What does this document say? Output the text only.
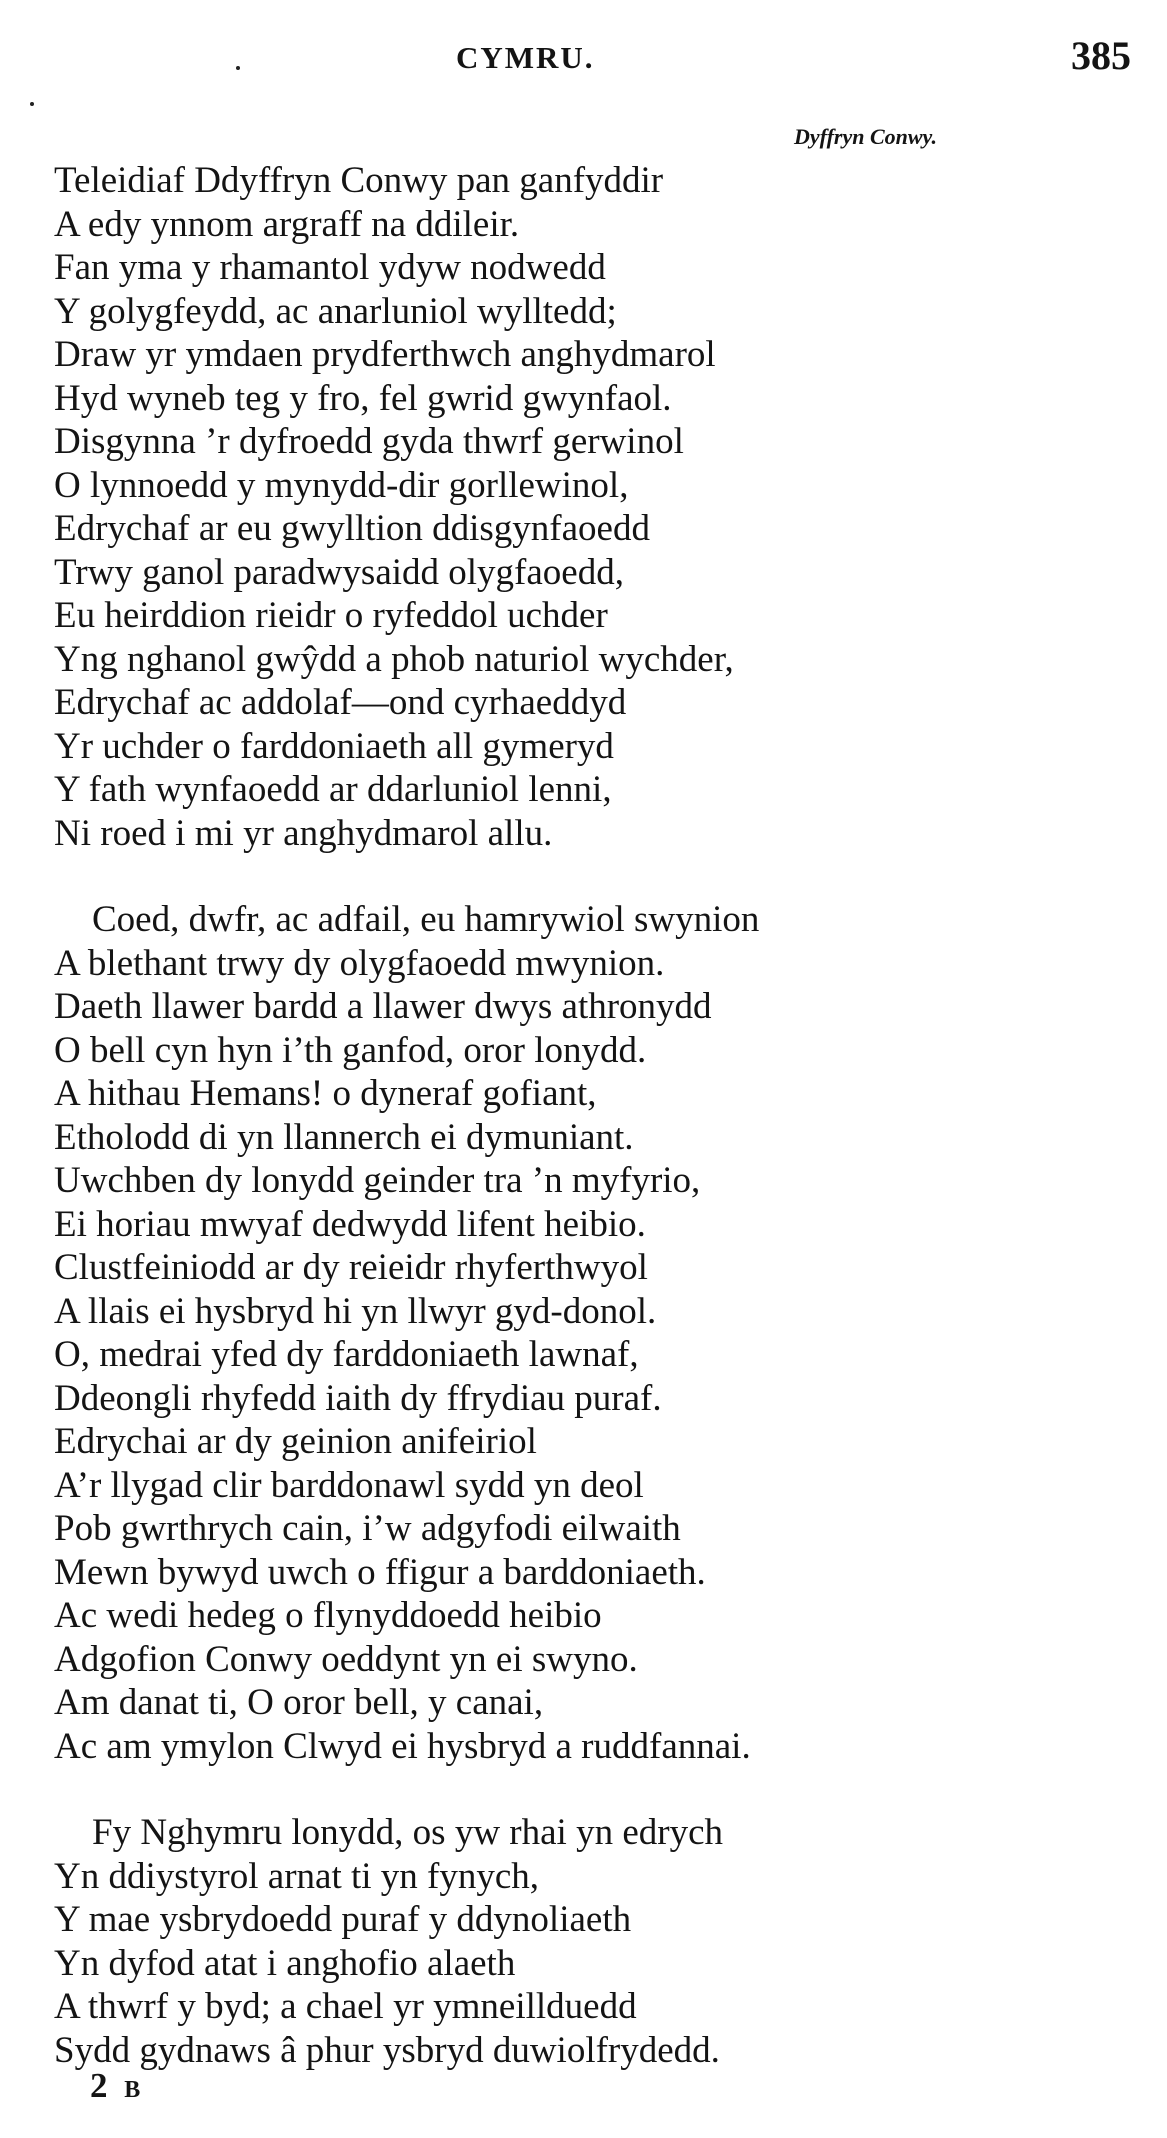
CYMRU.	385
Dyffryn Conwy.
Teleidiaf Ddyffryn Conwy pan ganfyddir
A edy ynnom argraff na ddileir.
Fan yma y rhamantol ydyw nodwedd
Y golygfeydd, ac anarluniol wylltedd;
Draw yr ymdaen prydferthwch anghydmarol
Hyd wyneb teg y fro, fel gwrid gwynfaol.
Disgynna ’r dyfroedd gyda thwrf gerwinol
O lynnoedd y mynydd-dir gorllewinol,
Edrychaf ar eu gwylltion ddisgynfaoedd
Trwy ganol paradwysaidd olygfaoedd,
Eu heirddion rieidr o ryfeddol uchder
Yng nghanol gwŷdd a phob naturiol wychder,
Edrychaf ac addolaf—ond cyrhaeddyd
Yr uchder o farddoniaeth all gymeryd
Y fath wynfaoedd ar ddarluniol lenni,
Ni roed i mi yr anghydmarol allu.
Coed, dwfr, ac adfail, eu hamrywiol swynion
A blethant trwy dy olygfaoedd mwynion.
Daeth llawer bardd a llawer dwys athronydd
O bell cyn hyn i’th ganfod, oror lonydd.
A hithau Hemans! o dyneraf gofiant,
Etholodd di yn llannerch ei dymuniant.
Uwchben dy lonydd geinder tra ’n myfyrio,
Ei horiau mwyaf dedwydd lifent heibio.
Clustfeiniodd ar dy reieidr rhyferthwyol
A llais ei hysbryd hi yn llwyr gyd-donol.
O, medrai yfed dy farddoniaeth lawnaf,
Ddeongli rhyfedd iaith dy ffrydiau puraf.
Edrychai ar dy geinion anifeiriol
A’r llygad clir barddonawl sydd yn deol
Pob gwrthrych cain, i’w adgyfodi eilwaith
Mewn bywyd uwch o ffigur a barddoniaeth.
Ac wedi hedeg o flynyddoedd heibio
Adgofion Conwy oeddynt yn ei swyno.
Am danat ti, O oror bell, y canai,
Ac am ymylon Clwyd ei hysbryd a ruddfannai.
Fy Nghymru lonydd, os yw rhai yn edrych
Yn ddiystyrol arnat ti yn fynych,
Y mae ysbrydoedd puraf y ddynoliaeth
Yn dyfod atat i anghofio alaeth
A thwrf y byd; a chael yr ymneillduedd
Sydd gydnaws â phur ysbryd duwiolfrydedd.
2 B
